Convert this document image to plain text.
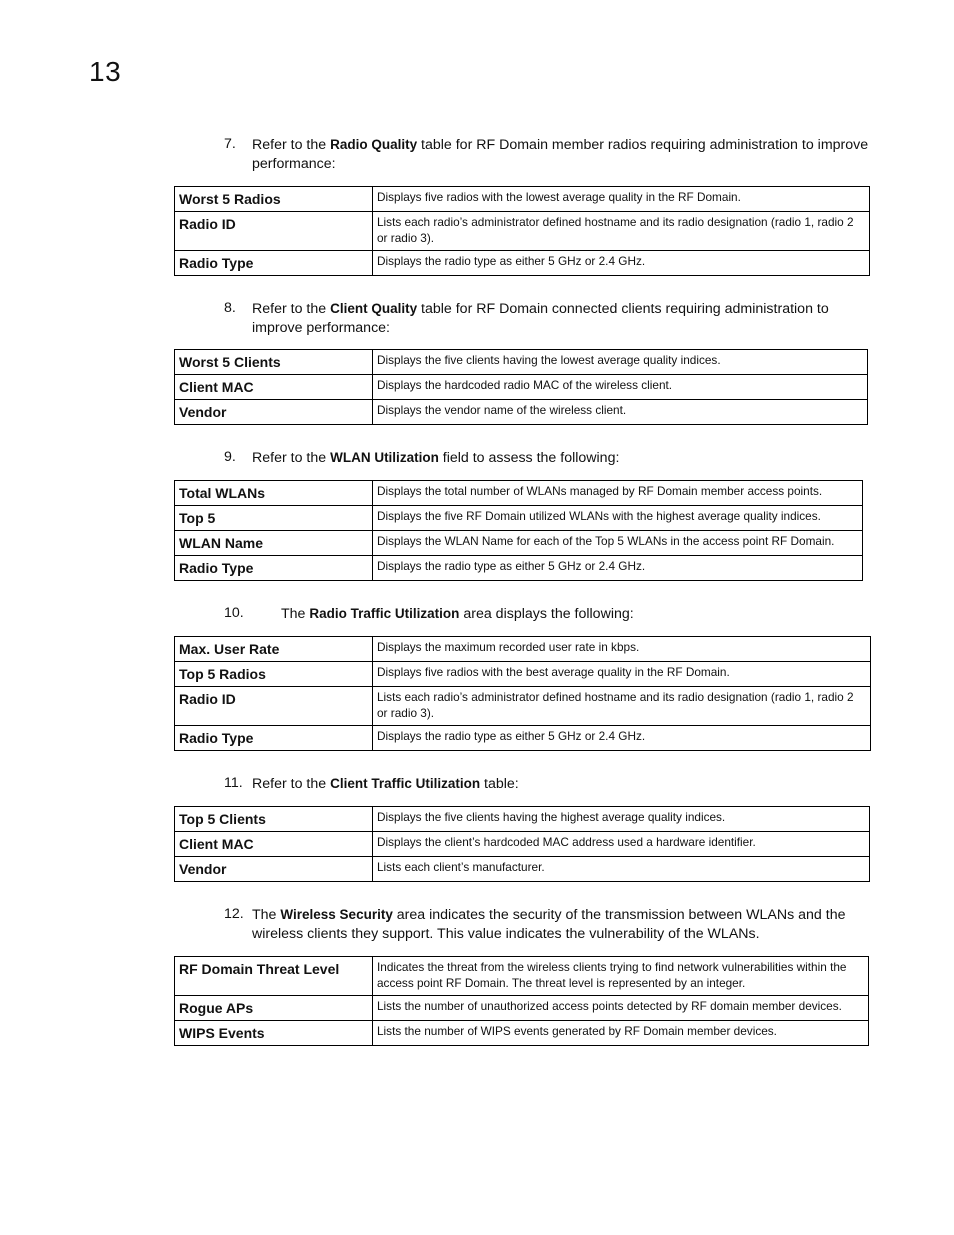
13
7. Refer to the Radio Quality table for RF Domain member radios requiring administration to improve performance:
Worst 5 Radios	Displays five radios with the lowest average quality in the RF Domain.
Radio ID	Lists each radio’s administrator defined hostname and its radio designation (radio 1, radio 2 or radio 3).
Radio Type	Displays the radio type as either 5 GHz or 2.4 GHz.
8. Refer to the Client Quality table for RF Domain connected clients requiring administration to improve performance:
Worst 5 Clients	Displays the five clients having the lowest average quality indices.
Client MAC	Displays the hardcoded radio MAC of the wireless client.
Vendor	Displays the vendor name of the wireless client.
9. Refer to the WLAN Utilization field to assess the following:
Total WLANs	Displays the total number of WLANs managed by RF Domain member access points.
Top 5	Displays the five RF Domain utilized WLANs with the highest average quality indices.
WLAN Name	Displays the WLAN Name for each of the Top 5 WLANs in the access point RF Domain.
Radio Type	Displays the radio type as either 5 GHz or 2.4 GHz.
10.	The Radio Traffic Utilization area displays the following:
Max. User Rate	Displays the maximum recorded user rate in kbps.
Top 5 Radios	Displays five radios with the best average quality in the RF Domain.
Radio ID	Lists each radio’s administrator defined hostname and its radio designation (radio 1, radio 2 or radio 3).
Radio Type	Displays the radio type as either 5 GHz or 2.4 GHz.
11. Refer to the Client Traffic Utilization table:
Top 5 Clients	Displays the five clients having the highest average quality indices.
Client MAC	Displays the client’s hardcoded MAC address used a hardware identifier.
Vendor	Lists each client’s manufacturer.
12. The Wireless Security area indicates the security of the transmission between WLANs and the wireless clients they support. This value indicates the vulnerability of the WLANs.
RF Domain Threat Level	Indicates the threat from the wireless clients trying to find network vulnerabilities within the access point RF Domain. The threat level is represented by an integer.
Rogue APs	Lists the number of unauthorized access points detected by RF domain member devices.
WIPS Events	Lists the number of WIPS events generated by RF Domain member devices.
